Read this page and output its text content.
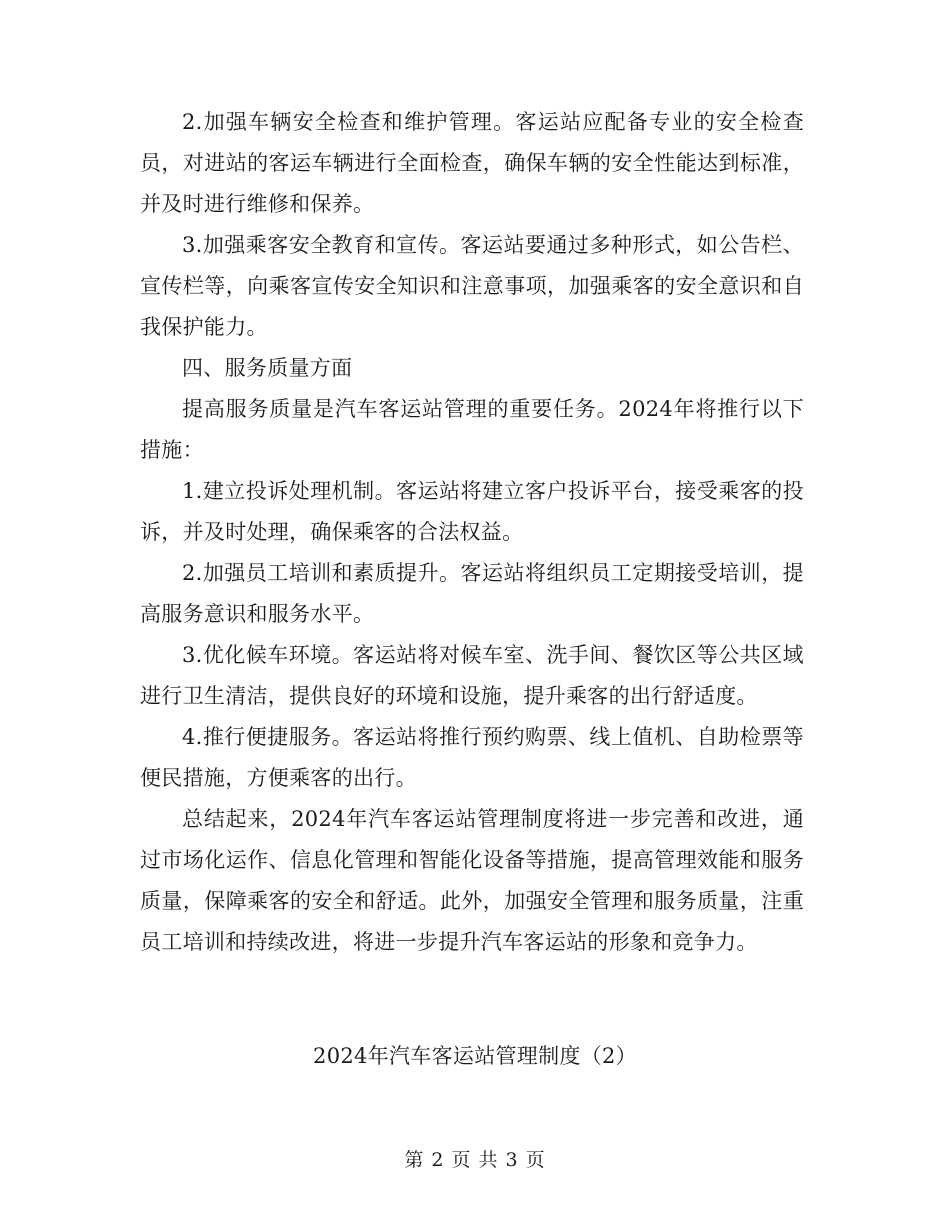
2.加强车辆安全检查和维护管理。客运站应配备专业的安全检查员，对进站的客运车辆进行全面检查，确保车辆的安全性能达到标准，并及时进行维修和保养。

3.加强乘客安全教育和宣传。客运站要通过多种形式，如公告栏、宣传栏等，向乘客宣传安全知识和注意事项，加强乘客的安全意识和自我保护能力。

四、服务质量方面

提高服务质量是汽车客运站管理的重要任务。2024年将推行以下措施：

1.建立投诉处理机制。客运站将建立客户投诉平台，接受乘客的投诉，并及时处理，确保乘客的合法权益。

2.加强员工培训和素质提升。客运站将组织员工定期接受培训，提高服务意识和服务水平。

3.优化候车环境。客运站将对候车室、洗手间、餐饮区等公共区域进行卫生清洁，提供良好的环境和设施，提升乘客的出行舒适度。

4.推行便捷服务。客运站将推行预约购票、线上值机、自助检票等便民措施，方便乘客的出行。

总结起来，2024年汽车客运站管理制度将进一步完善和改进，通过市场化运作、信息化管理和智能化设备等措施，提高管理效能和服务质量，保障乘客的安全和舒适。此外，加强安全管理和服务质量，注重员工培训和持续改进，将进一步提升汽车客运站的形象和竞争力。

2024年汽车客运站管理制度（2）
第 2 页 共 3 页
